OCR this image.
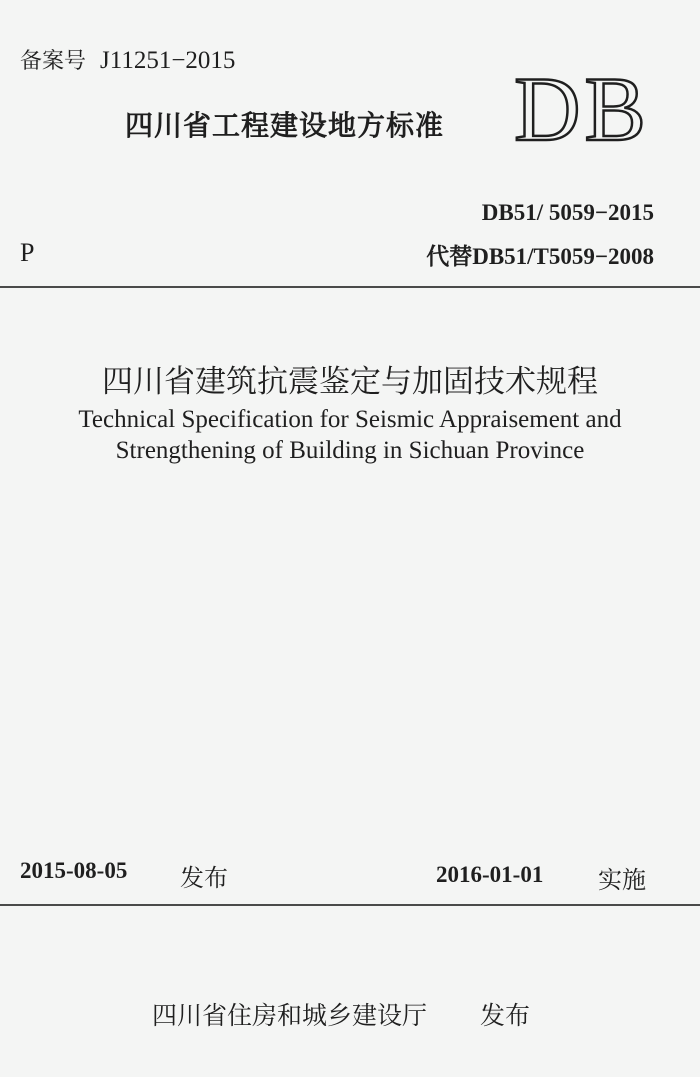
备案号 J11251−2015
四川省工程建设地方标准 DB
DB51/ 5059−2015
P	代替DB51/T5059−2008
四川省建筑抗震鉴定与加固技术规程
Technical Specification for Seismic Appraisement and
Strengthening of Building in Sichuan Province
2015-08-05 发布	2016-01-01 实施
四川省住房和城乡建设厅 发布
